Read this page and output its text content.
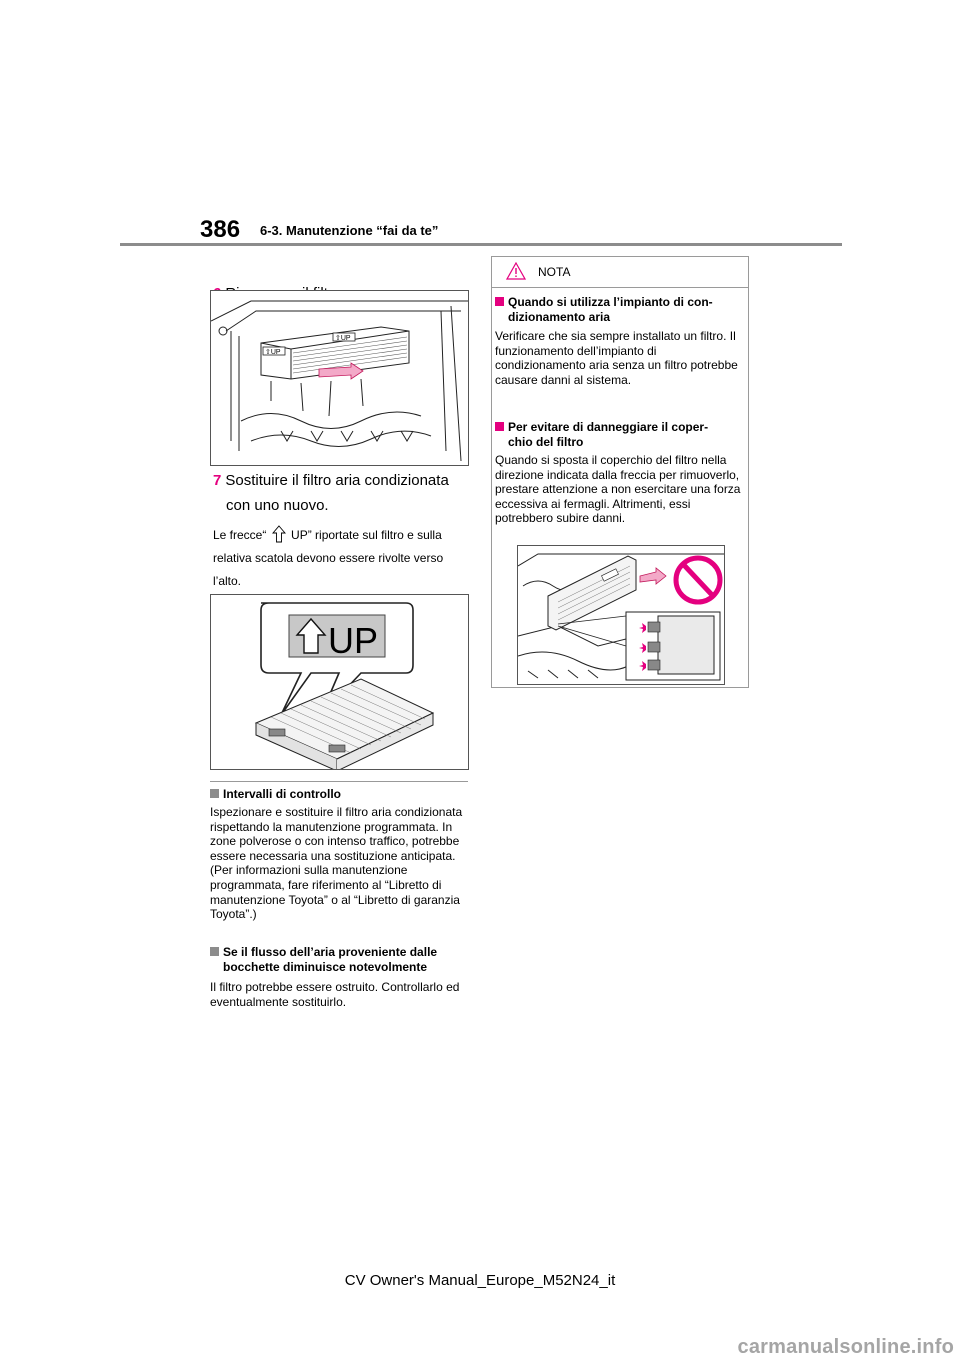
386 6-3. Manutenzione “fai da te”
⇧UP
⇧UP
7 Sostituire il filtro aria condizionata
con uno nuovo.
Le frecce“ UP” riportate sul filtro e sulla
relativa scatola devono essere rivolte verso l’alto.
UP
Intervalli di controllo
Ispezionare e sostituire il filtro aria condizionata rispettando la manutenzione programmata. In zone polverose o con intenso traffico, potrebbe essere necessaria una sostituzione anticipata. (Per informazioni sulla manutenzione programmata, fare riferimento al “Libretto di manutenzione Toyota” o al “Libretto di garanzia Toyota”.)
Se il flusso dell’aria proveniente dalle
bocchette diminuisce notevolmente
Il filtro potrebbe essere ostruito. Controllarlo ed eventualmente sostituirlo.
NOTA
Quando si utilizza l’impianto di con-
dizionamento aria
Verificare che sia sempre installato un filtro. Il funzionamento dell’impianto di condizionamento aria senza un filtro potrebbe causare danni al sistema.
Per evitare di danneggiare il coper-
chio del filtro
Quando si sposta il coperchio del filtro nella direzione indicata dalla freccia per rimuoverlo, prestare attenzione a non esercitare una forza eccessiva ai fermagli. Altrimenti, essi potrebbero subire danni.
CV Owner's Manual_Europe_M52N24_it
carmanualsonline.info
